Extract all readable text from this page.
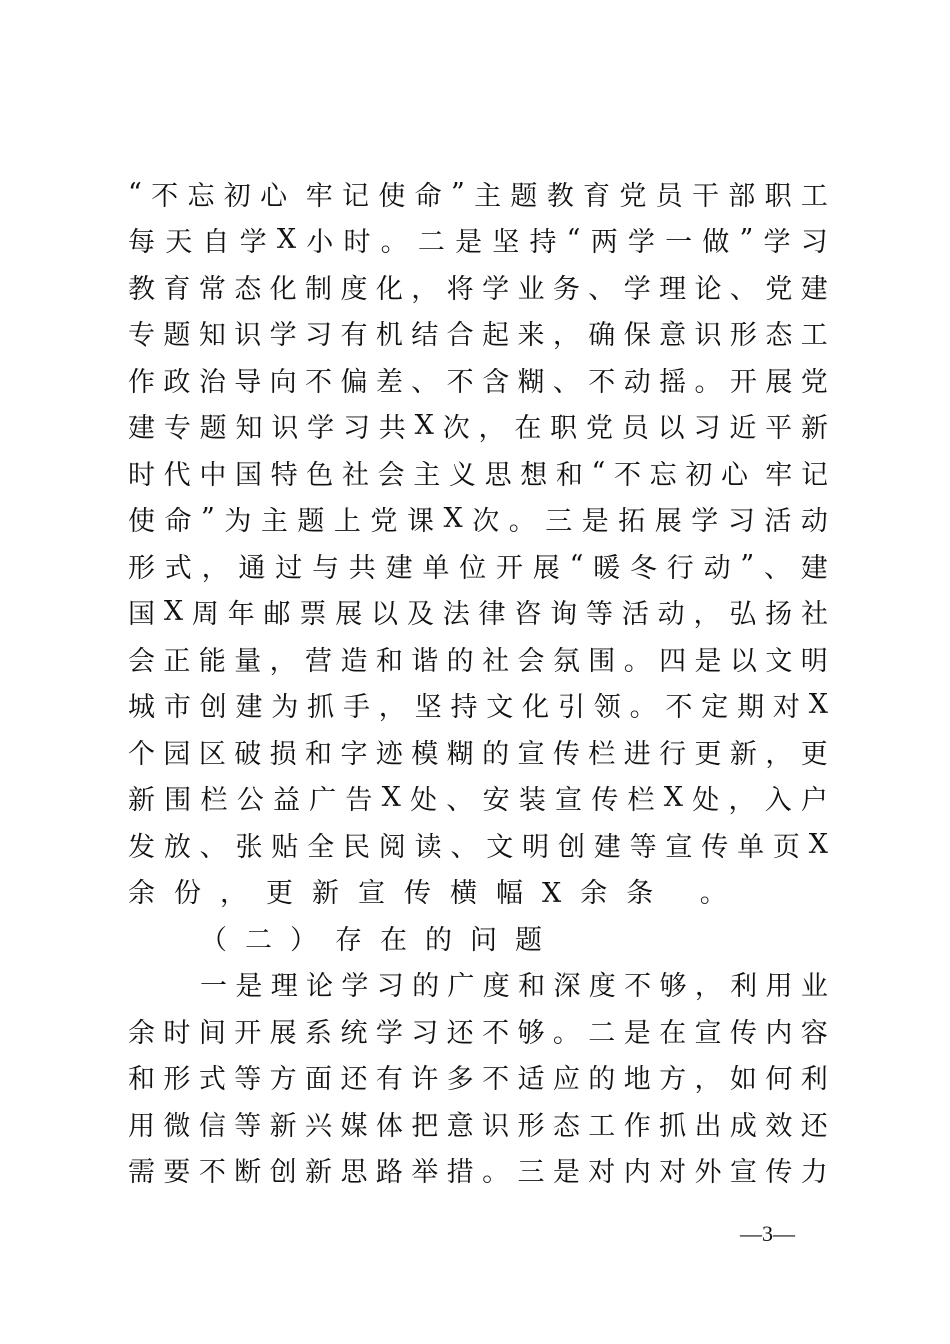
“ 不 忘 初 心 牢 记 使 命 ” 主 题 教 育 党 员 干 部 职 工
每 天 自 学 X 小 时 。 二 是 坚 持 “ 两 学 一 做 ” 学 习
教 育 常 态 化 制 度 化 ， 将 学 业 务 、 学 理 论 、 党 建
专 题 知 识 学 习 有 机 结 合 起 来 ， 确 保 意 识 形 态 工
作 政 治 导 向 不 偏 差 、 不 含 糊 、 不 动 摇 。 开 展 党
建 专 题 知 识 学 习 共 X 次 ， 在 职 党 员 以 习 近 平 新
时 代 中 国 特 色 社 会 主 义 思 想 和 “ 不 忘 初 心 牢 记
使 命 ” 为 主 题 上 党 课 X 次 。 三 是 拓 展 学 习 活 动
形 式 ， 通 过 与 共 建 单 位 开 展 “ 暖 冬 行 动 ” 、 建
国 X 周 年 邮 票 展 以 及 法 律 咨 询 等 活 动 ， 弘 扬 社
会 正 能 量 ， 营 造 和 谐 的 社 会 氛 围 。 四 是 以 文 明
城 市 创 建 为 抓 手 ， 坚 持 文 化 引 领 。 不 定 期 对 X
个 园 区 破 损 和 字 迹 模 糊 的 宣 传 栏 进 行 更 新 ， 更
新 围 栏 公 益 广 告 X 处 、 安 装 宣 传 栏 X 处 ， 入 户
发 放 、 张 贴 全 民 阅 读 、 文 明 创 建 等 宣 传 单 页 X
余份，更新宣传横幅X余条 。
（二）存在的问题
一 是 理 论 学 习 的 广 度 和 深 度 不 够 ， 利 用 业
余 时 间 开 展 系 统 学 习 还 不 够 。 二 是 在 宣 传 内 容
和 形 式 等 方 面 还 有 许 多 不 适 应 的 地 方 ， 如 何 利
用 微 信 等 新 兴 媒 体 把 意 识 形 态 工 作 抓 出 成 效 还
需 要 不 断 创 新 思 路 举 措 。 三 是 对 内 对 外 宣 传 力
—3—
